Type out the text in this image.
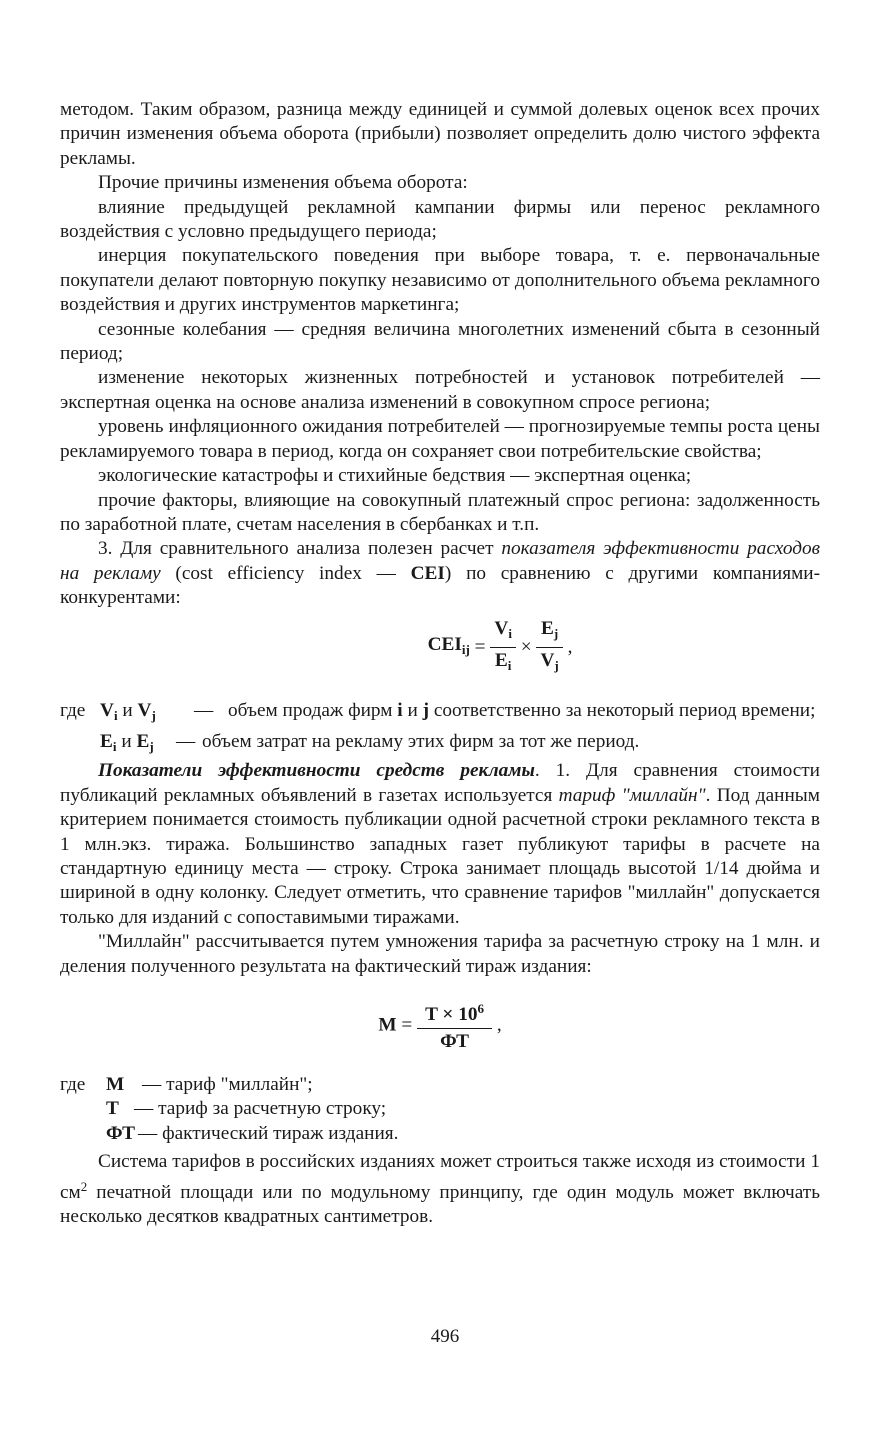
методом. Таким образом, разница между единицей и суммой долевых оценок всех прочих причин изменения объема оборота (прибыли) позволяет определить долю чистого эффекта рекламы.

Прочие причины изменения объема оборота:

влияние предыдущей рекламной кампании фирмы или перенос рекламного воздействия с условно предыдущего периода;

инерция покупательского поведения при выборе товара, т. е. первоначальные покупатели делают повторную покупку независимо от дополнительного объема рекламного воздействия и других инструментов маркетинга;

сезонные колебания — средняя величина многолетних изменений сбыта в сезонный период;

изменение некоторых жизненных потребностей и установок потребителей — экспертная оценка на основе анализа изменений в совокупном спросе региона;

уровень инфляционного ожидания потребителей — прогнозируемые темпы роста цены рекламируемого товара в период, когда он сохраняет свои потребительские свойства;

экологические катастрофы и стихийные бедствия — экспертная оценка;

прочие факторы, влияющие на совокупный платежный спрос региона: задолженность по заработной плате, счетам населения в сбербанках и т.п.

3. Для сравнительного анализа полезен расчет показателя эффективности расходов на рекламу (cost efficiency index — CEI) по сравнению с другими компаниями-конкурентами:

$CEI_{ij} = \frac{V_i}{E_i} \times \frac{E_j}{V_j}$ ,
где $V_i$ и $V_j$	— объем продаж фирм i и j соответственно за некоторый период времени;
$E_i$ и $E_j$	— объем затрат на рекламу этих фирм за тот же период.

Показатели эффективности средств рекламы. 1. Для сравнения стоимости публикаций рекламных объявлений в газетах используется тариф "миллайн". Под данным критерием понимается стоимость публикации одной расчетной строки рекламного текста в 1 млн.экз. тиража. Большинство западных газет публикуют тарифы в расчете на стандартную единицу места — строку. Строка занимает площадь высотой 1/14 дюйма и шириной в одну колонку. Следует отметить, что сравнение тарифов "миллайн" допускается только для изданий с сопоставимыми тиражами.

"Миллайн" рассчитывается путем умножения тарифа за расчетную строку на 1 млн. и деления полученного результата на фактический тираж издания:

$M = \frac{T \times 10^6}{ФТ}$ ,
где	M — тариф "миллайн";
T — тариф за расчетную строку;
ФТ — фактический тираж издания.

Система тарифов в российских изданиях может строиться также исходя из стоимости 1 $см^2$ печатной площади или по модульному принципу, где один модуль может включать несколько десятков квадратных сантиметров.

496
